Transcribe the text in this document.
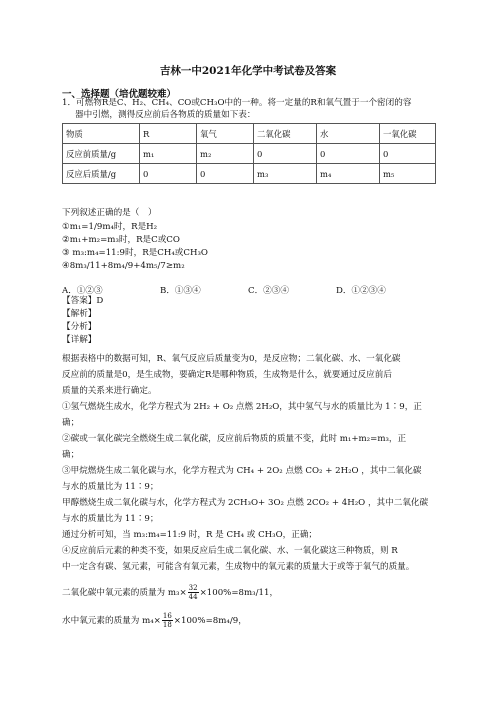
吉林一中2021年化学中考试卷及答案
一、选择题（培优题较难）
1．可燃物R是C、H₂、CH₄、CO或CH₃O中的一种。将一定量的R和氧气置于一个密闭的容
器中引燃，测得反应前后各物质的质量如下表：
物质	R	氧气	二氧化碳	水	一氧化碳
反应前质量/g	m₁	m₂	0	0	0
反应后质量/g	0	0	m₃	m₄	m₅
下列叙述正确的是（　）
①m₁=1/9m₄时，R是H₂
②m₁+m₂=m₃时，R是C或CO
③ m₃:m₄=11:9时，R是CH₄或CH₃O
④8m₃/11+8m₄/9+4m₅/7≥m₂
A．①②③	B．①③④	C．②③④	D．①②③④
【答案】D
【解析】
【分析】
【详解】
根据表格中的数据可知，R、氧气反应后质量变为0，是反应物；二氧化碳、水、一氧化碳
反应前的质量是0，是生成物，要确定R是哪种物质，生成物是什么，就要通过反应前后
质量的关系来进行确定。
①氢气燃烧生成水，化学方程式为 2H₂ + O₂ 点燃 2H₂O，其中氢气与水的质量比为 1∶9，正
确；
②碳或一氧化碳完全燃烧生成二氧化碳，反应前后物质的质量不变，此时 m₁+m₂=m₃，正
确；
③甲烷燃烧生成二氧化碳与水，化学方程式为 CH₄ + 2O₂ 点燃 CO₂ + 2H₂O ，其中二氧化碳
与水的质量比为 11∶9；
甲醇燃烧生成二氧化碳与水，化学方程式为 2CH₃O+ 3O₂ 点燃 2CO₂ + 4H₂O ，其中二氧化碳
与水的质量比为 11∶9；
通过分析可知，当 m₃:m₄=11:9 时，R 是 CH₄ 或 CH₃O，正确；
④反应前后元素的种类不变，如果反应后生成二氧化碳、水、一氧化碳这三种物质，则 R
中一定含有碳、氢元素，可能含有氧元素，生成物中的氧元素的质量大于或等于氧气的质量。
二氧化碳中氧元素的质量为 $m_3\times \frac{32}{44} \times 100\%=8m_3/11$，
水中氧元素的质量为 $m_4\times \frac{16}{18} \times 100\%=8m_4/9$，
